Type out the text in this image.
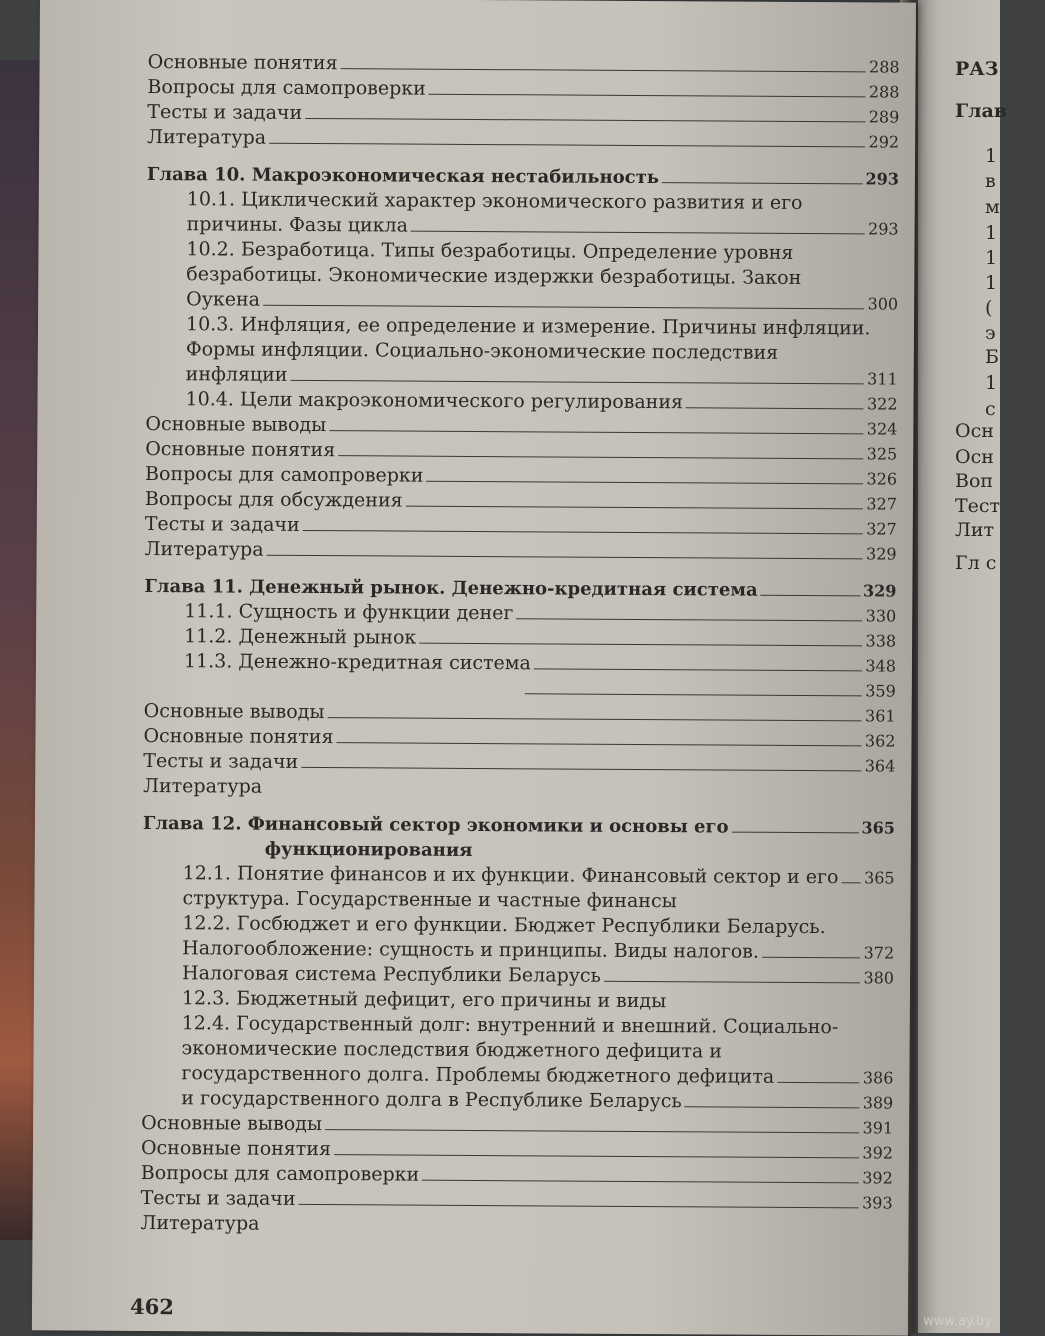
Основные понятия	288
Вопросы для самопроверки	288
Тесты и задачи	289
Литература	292
Глава 10. Макроэкономическая нестабильность	293
10.1. Циклический характер экономического развития и его
причины. Фазы цикла	293
10.2. Безработица. Типы безработицы. Определение уровня
безработицы. Экономические издержки безработицы. Закон
Оукена	300
10.3. Инфляция, ее определение и измерение. Причины инфляции.
Формы инфляции. Социально-экономические последствия
инфляции	311
10.4. Цели макроэкономического регулирования	322
Основные выводы	324
Основные понятия	325
Вопросы для самопроверки	326
Вопросы для обсуждения	327
Тесты и задачи	327
Литература	329
Глава 11. Денежный рынок. Денежно-кредитная система	329
11.1. Сущность и функции денег	330
11.2. Денежный рынок	338
11.3. Денежно-кредитная система	348
359
Основные выводы	361
Основные понятия	362
Тесты и задачи	364
Литература
Глава 12. Финансовый сектор экономики и основы его	365
функционирования
12.1. Понятие финансов и их функции. Финансовый сектор и его 365
структура. Государственные и частные финансы
12.2. Госбюджет и его функции. Бюджет Республики Беларусь.
Налогообложение: сущность и принципы. Виды налогов.	372
Налоговая система Республики Беларусь	380
12.3. Бюджетный дефицит, его причины и виды
12.4. Государственный долг: внутренний и внешний. Социально-
экономические последствия бюджетного дефицита и
государственного долга. Проблемы бюджетного дефицита	386
и государственного долга в Республике Беларусь	389
Основные выводы	391
Основные понятия	392
Вопросы для самопроверки	392
Тесты и задачи	393
Литература
462
РАЗ
Глав
1
в
м
1
1
1
(
э
Б
1
с
Осн
Осн
Воп
Тест
Лит
Гл с
www.ay.by
